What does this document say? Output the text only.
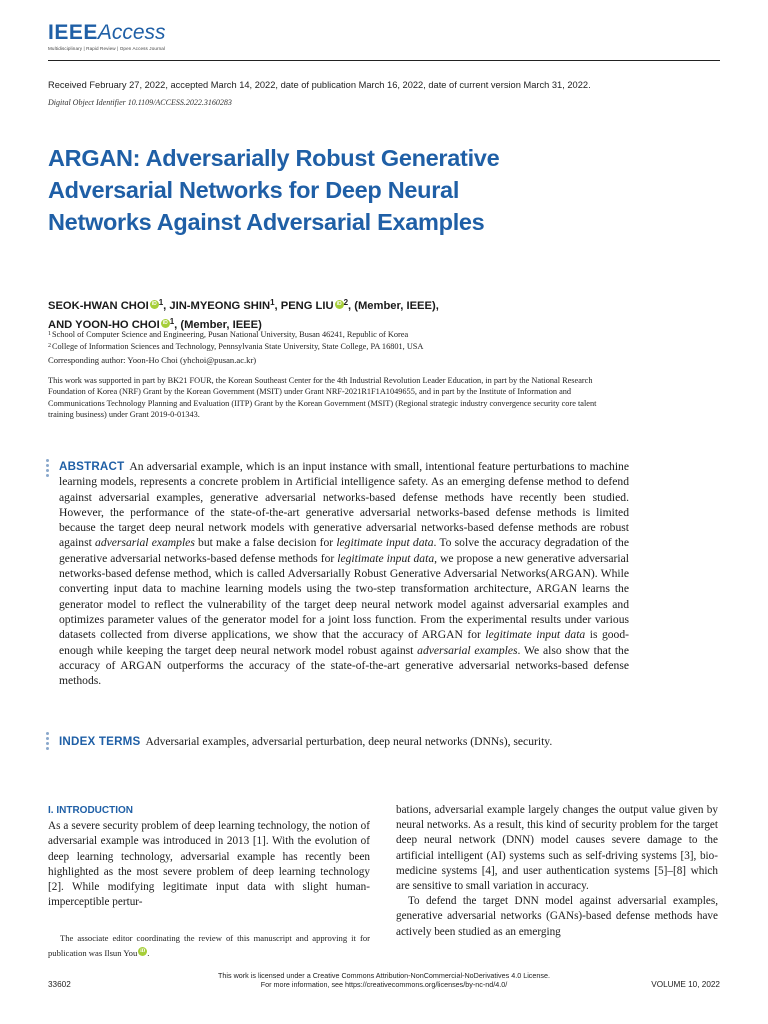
IEEEAccess
Multidisciplinary | Rapid Review | Open Access Journal
Received February 27, 2022, accepted March 14, 2022, date of publication March 16, 2022, date of current version March 31, 2022.
Digital Object Identifier 10.1109/ACCESS.2022.3160283
ARGAN: Adversarially Robust Generative Adversarial Networks for Deep Neural Networks Against Adversarial Examples
SEOK-HWAN CHOI iD $^1$, JIN-MYEONG SHIN$^1$, PENG LIU iD $^2$, (Member, IEEE),
AND YOON-HO CHOI iD $^1$, (Member, IEEE)
$^1$School of Computer Science and Engineering, Pusan National University, Busan 46241, Republic of Korea
$^2$College of Information Sciences and Technology, Pennsylvania State University, State College, PA 16801, USA
Corresponding author: Yoon-Ho Choi (yhchoi@pusan.ac.kr)

This work was supported in part by BK21 FOUR, the Korean Southeast Center for the 4th Industrial Revolution Leader Education, in part by the National Research Foundation of Korea (NRF) Grant by the Korean Government (MSIT) under Grant NRF-2021R1F1A1049655, and in part by the Institute of Information and Communications Technology Planning and Evaluation (IITP) Grant by the Korean Government (MSIT) (Regional strategic industry convergence security core talent training business) under Grant 2019-0-01343.

ABSTRACT An adversarial example, which is an input instance with small, intentional feature perturbations to machine learning models, represents a concrete problem in Artificial intelligence safety. As an emerging defense method to defend against adversarial examples, generative adversarial networks-based defense methods have recently been studied. However, the performance of the state-of-the-art generative adversarial networks-based defense methods is limited because the target deep neural network models with generative adversarial networks-based defense methods are robust against adversarial examples but make a false decision for legitimate input data. To solve the accuracy degradation of the generative adversarial networks-based defense methods for legitimate input data, we propose a new generative adversarial networks-based defense method, which is called Adversarially Robust Generative Adversarial Networks(ARGAN). While converting input data to machine learning models using the two-step transformation architecture, ARGAN learns the generator model to reflect the vulnerability of the target deep neural network model against adversarial examples and optimizes parameter values of the generator model for a joint loss function. From the experimental results under various datasets collected from diverse applications, we show that the accuracy of ARGAN for legitimate input data is good-enough while keeping the target deep neural network model robust against adversarial examples. We also show that the accuracy of ARGAN outperforms the accuracy of the state-of-the-art generative adversarial networks-based defense methods.

INDEX TERMS Adversarial examples, adversarial perturbation, deep neural networks (DNNs), security.

I. INTRODUCTION

As a severe security problem of deep learning technology, the notion of adversarial example was introduced in 2013 [1]. With the evolution of deep learning technology, adversarial example has recently been highlighted as the most severe problem of deep learning technology [2]. While modifying legitimate input data with slight human-imperceptible pertur-

bations, adversarial example largely changes the output value given by neural networks. As a result, this kind of security problem for the target deep neural network (DNN) model causes severe damage to the artificial intelligent (AI) systems such as self-driving systems [3], bio-medicine systems [4], and user authentication systems [5]–[8] which are sensitive to small variation in accuracy.

To defend the target DNN model against adversarial examples, generative adversarial networks (GANs)-based defense methods have actively been studied as an emerging

The associate editor coordinating the review of this manuscript and approving it for publication was Ilsun You iD .

This work is licensed under a Creative Commons Attribution-NonCommercial-NoDerivatives 4.0 License.
For more information, see https://creativecommons.org/licenses/by-nc-nd/4.0/
33602	VOLUME 10, 2022
